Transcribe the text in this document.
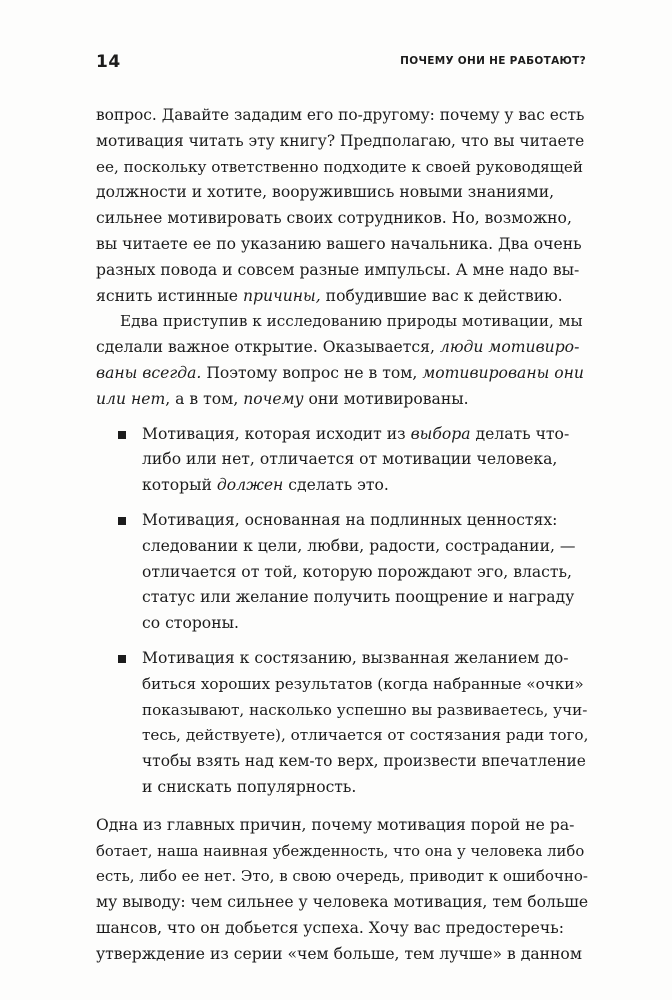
14	ПОЧЕМУ ОНИ НЕ РАБОТАЮТ?
вопрос. Давайте зададим его по-другому: почему у вас есть
мотивация читать эту книгу? Предполагаю, что вы читаете
ее, поскольку ответственно подходите к своей руководящей
должности и хотите, вооружившись новыми знаниями,
сильнее мотивировать своих сотрудников. Но, возможно,
вы читаете ее по указанию вашего начальника. Два очень
разных повода и совсем разные импульсы. А мне надо вы-
яснить истинные причины, побудившие вас к действию.
Едва приступив к исследованию природы мотивации, мы
сделали важное открытие. Оказывается, люди мотивиро-
ваны всегда. Поэтому вопрос не в том, мотивированы они
или нет , а в том, почему они мотивированы.
Мотивация, которая исходит из выбора делать что-
либо или нет, отличается от мотивации человека,
который должен сделать это.
Мотивация, основанная на подлинных ценностях:
следовании к цели, любви, радости, сострадании, —
отличается от той, которую порождают эго, власть,
статус или желание получить поощрение и награду
со стороны.
Мотивация к состязанию, вызванная желанием до-
биться хороших результатов (когда набранные «очки»
показывают, насколько успешно вы развиваетесь, учи-
тесь, действуете), отличается от состязания ради того,
чтобы взять над кем-то верх, произвести впечатление
и снискать популярность.
Одна из главных причин, почему мотивация порой не ра-
ботает, наша наивная убежденность, что она у человека либо
есть, либо ее нет. Это, в свою очередь, приводит к ошибочно-
му выводу: чем сильнее у человека мотивация, тем больше
шансов, что он добьется успеха. Хочу вас предостеречь:
утверждение из серии «чем больше, тем лучше» в данном
